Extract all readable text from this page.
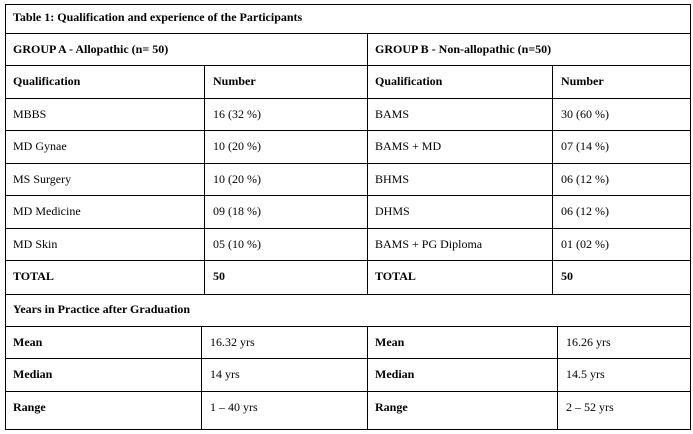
Table 1: Qualification and experience of the Participants
GROUP A - Allopathic (n= 50)	GROUP B - Non-allopathic (n=50)
Qualification	Number	Qualification	Number
MBBS	16 (32 %)	BAMS	30 (60 %)
MD Gynae	10 (20 %)	BAMS + MD	07 (14 %)
MS Surgery	10 (20 %)	BHMS	06 (12 %)
MD Medicine	09 (18 %)	DHMS	06 (12 %)
MD Skin	05 (10 %)	BAMS + PG Diploma	01 (02 %)
TOTAL	50	TOTAL	50
Years in Practice after Graduation
Mean	16.32 yrs	Mean	16.26 yrs
Median	14 yrs	Median	14.5 yrs
Range	1 – 40 yrs	Range	2 – 52 yrs
